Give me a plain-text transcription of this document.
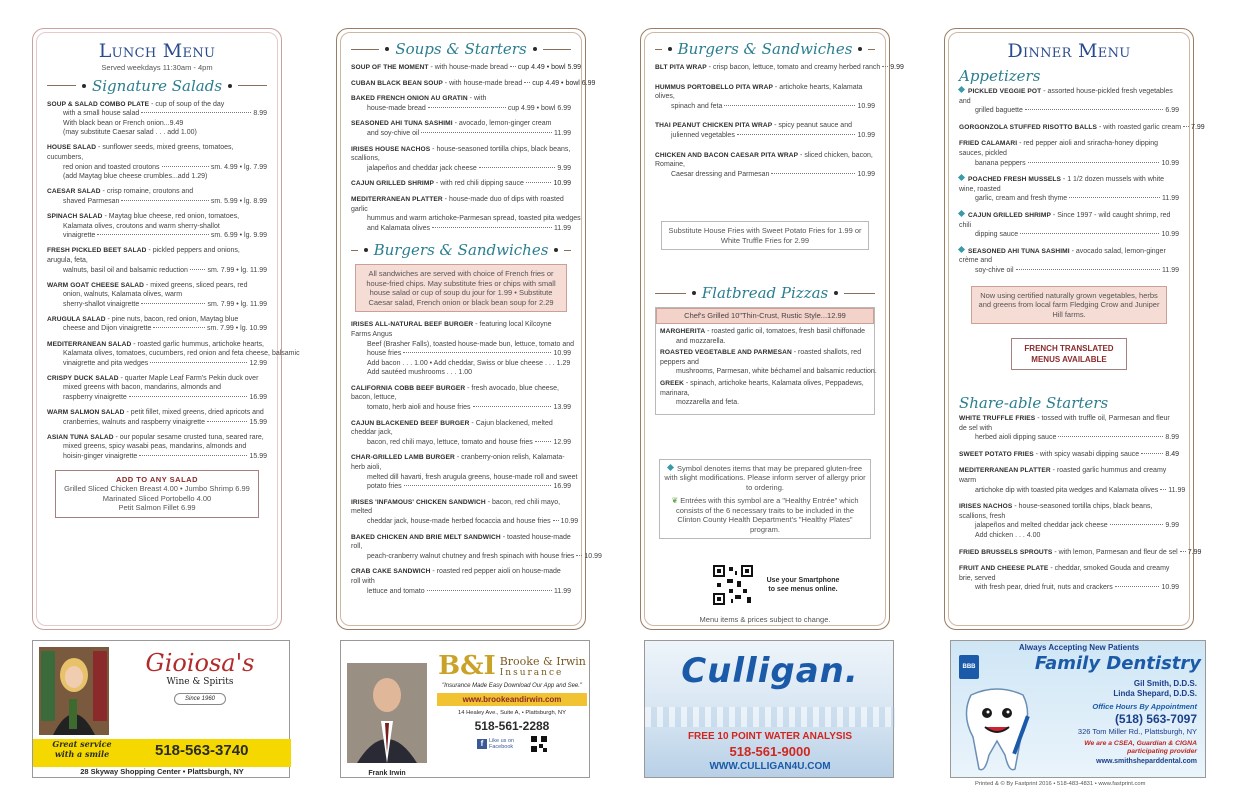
Lunch Menu
Served weekdays 11:30am - 4pm
Signature Salads
SOUP & SALAD COMBO PLATE - cup of soup of the day
with a small house salad	8.99
With black bean or French onion...9.49
(may substitute Caesar salad . . . add 1.00)
HOUSE SALAD - sunflower seeds, mixed greens, tomatoes, cucumbers,
red onion and toasted croutons	sm. 4.99 • lg. 7.99
(add Maytag blue cheese crumbles...add 1.29)
CAESAR SALAD - crisp romaine, croutons and
shaved Parmesan	sm. 5.99 • lg. 8.99
SPINACH SALAD - Maytag blue cheese, red onion, tomatoes,
Kalamata olives, croutons and warm sherry-shallot
vinaigrette	sm. 6.99 • lg. 9.99
FRESH PICKLED BEET SALAD - pickled peppers and onions, arugula, feta,
walnuts, basil oil and balsamic reduction	sm. 7.99 • lg. 11.99
WARM GOAT CHEESE SALAD - mixed greens, sliced pears, red
onion, walnuts, Kalamata olives, warm
sherry-shallot vinaigrette	sm. 7.99 • lg. 11.99
ARUGULA SALAD - pine nuts, bacon, red onion, Maytag blue
cheese and Dijon vinaigrette	sm. 7.99 • lg. 10.99
MEDITERRANEAN SALAD - roasted garlic hummus, artichoke hearts,
Kalamata olives, tomatoes, cucumbers, red onion and feta cheese, balsamic
vinaigrette and pita wedges	12.99
CRISPY DUCK SALAD - quarter Maple Leaf Farm's Pekin duck over
mixed greens with bacon, mandarins, almonds and
raspberry vinaigrette	16.99
WARM SALMON SALAD - petit fillet, mixed greens, dried apricots and
cranberries, walnuts and raspberry vinaigrette	15.99
ASIAN TUNA SALAD - our popular sesame crusted tuna, seared rare,
mixed greens, spicy wasabi peas, mandarins, almonds and
hoisin-ginger vinaigrette	15.99
ADD TO ANY SALAD
Grilled Sliced Chicken Breast 4.00 • Jumbo Shrimp 6.99
Marinated Sliced Portobello 4.00
Petit Salmon Fillet 6.99
Soups & Starters
SOUP OF THE MOMENT - with house-made bread cup 4.49 • bowl 5.99
CUBAN BLACK BEAN SOUP - with house-made bread cup 4.49 • bowl 6.99
BAKED FRENCH ONION AU GRATIN - with
house-made bread	cup 4.99 • bowl 6.99
SEASONED AHI TUNA SASHIMI - avocado, lemon-ginger cream
and soy-chive oil	11.99
IRISES HOUSE NACHOS - house-seasoned tortilla chips, black beans, scallions,
jalapeños and cheddar jack cheese	9.99
CAJUN GRILLED SHRIMP - with red chili dipping sauce	10.99
MEDITERRANEAN PLATTER - house-made duo of dips with roasted garlic
hummus and warm artichoke-Parmesan spread, toasted pita wedges
and Kalamata olives	11.99
Burgers & Sandwiches
All sandwiches are served with choice of French fries or house-fried chips. May substitute fries or chips with small house salad or cup of soup du jour for 1.99 • Substitute Caesar salad, French onion or black bean soup for 2.29
IRISES ALL-NATURAL BEEF BURGER - featuring local Kilcoyne Farms Angus
Beef (Brasher Falls), toasted house-made bun, lettuce, tomato and
house fries	10.99
Add bacon . . . 1.00 • Add cheddar, Swiss or blue cheese . . . 1.29
Add sautéed mushrooms . . . 1.00
CALIFORNIA COBB BEEF BURGER - fresh avocado, blue cheese, bacon, lettuce,
tomato, herb aioli and house fries	13.99
CAJUN BLACKENED BEEF BURGER - Cajun blackened, melted cheddar jack,
bacon, red chili mayo, lettuce, tomato and house fries	12.99
CHAR-GRILLED LAMB BURGER - cranberry-onion relish, Kalamata-herb aioli,
melted dill havarti, fresh arugula greens, house-made roll and sweet
potato fries	16.99
IRISES 'INFAMOUS' CHICKEN SANDWICH - bacon, red chili mayo, melted
cheddar jack, house-made herbed focaccia and house fries 10.99
BAKED CHICKEN AND BRIE MELT SANDWICH - toasted house-made roll,
peach-cranberry walnut chutney and fresh spinach with house fries 10.99
CRAB CAKE SANDWICH - roasted red pepper aioli on house-made roll with
lettuce and tomato	11.99
Burgers & Sandwiches
BLT PITA WRAP - crisp bacon, lettuce, tomato and creamy herbed ranch 9.99
HUMMUS PORTOBELLO PITA WRAP - artichoke hearts, Kalamata olives,
spinach and feta	10.99
THAI PEANUT CHICKEN PITA WRAP - spicy peanut sauce and
julienned vegetables	10.99
CHICKEN AND BACON CAESAR PITA WRAP - sliced chicken, bacon, Romaine,
Caesar dressing and Parmesan	10.99
Substitute House Fries with Sweet Potato Fries for 1.99 or White Truffle Fries for 2.99
Flatbread Pizzas
Chef's Grilled 10"Thin-Crust, Rustic Style...12.99
MARGHERITA - roasted garlic oil, tomatoes, fresh basil chiffonade
and mozzarella.
ROASTED VEGETABLE AND PARMESAN - roasted shallots, red peppers and
mushrooms, Parmesan, white béchamel and balsamic reduction.
GREEK - spinach, artichoke hearts, Kalamata olives, Peppadews, marinara,
mozzarella and feta.
Symbol denotes items that may be prepared gluten-free with slight modifications. Please inform server of allergy prior to ordering.
❦ Entrées with this symbol are a "Healthy Entrée" which consists of the 6 necessary traits to be included in the Clinton County Health Department's "Healthy Plates" program.
Use your Smartphone to see menus online.
Menu items & prices subject to change.
Dinner Menu
Appetizers
PICKLED VEGGIE POT - assorted house-pickled fresh vegetables and
grilled baguette	6.99
GORGONZOLA STUFFED RISOTTO BALLS - with roasted garlic cream 7.99
FRIED CALAMARI - red pepper aioli and sriracha-honey dipping sauces, pickled
banana peppers	10.99
POACHED FRESH MUSSELS - 1 1/2 dozen mussels with white wine, roasted
garlic, cream and fresh thyme	11.99
CAJUN GRILLED SHRIMP - Since 1997 - wild caught shrimp, red chili
dipping sauce	10.99
SEASONED AHI TUNA SASHIMI - avocado salad, lemon-ginger crème and
soy-chive oil	11.99
Now using certified naturally grown vegetables, herbs and greens from local farm Fledging Crow and Juniper Hill farms.
FRENCH TRANSLATED MENUS AVAILABLE
Share-able Starters
WHITE TRUFFLE FRIES - tossed with truffle oil, Parmesan and fleur de sel with
herbed aioli dipping sauce	8.99
SWEET POTATO FRIES - with spicy wasabi dipping sauce	8.49
MEDITERRANEAN PLATTER - roasted garlic hummus and creamy warm
artichoke dip with toasted pita wedges and Kalamata olives 11.99
IRISES NACHOS - house-seasoned tortilla chips, black beans, scallions, fresh
jalapeños and melted cheddar jack cheese	9.99
Add chicken . . . 4.00
FRIED BRUSSELS SPROUTS - with lemon, Parmesan and fleur de sel 7.99
FRUIT AND CHEESE PLATE - cheddar, smoked Gouda and creamy brie, served
with fresh pear, dried fruit, nuts and crackers	10.99
Gioiosa's
Wine & Spirits
Since 1960
Great service with a smile	518-563-3740
28 Skyway Shopping Center • Plattsburgh, NY	Frank Irwin
B&I Brooke & Irwin
Insurance
"Insurance Made Easy Download Our App and See."
www.brookeandirwin.com
14 Healey Ave., Suite A, • Plattsburgh, NY
518-561-2288
f	Like us on Facebook
Culligan.
FREE 10 POINT WATER ANALYSIS
518-561-9000
WWW.CULLIGAN4U.COM
Always Accepting New Patients
BBB	Family Dentistry
Gil Smith, D.D.S.
Linda Shepard, D.D.S.
Office Hours By Appointment
(518) 563-7097
326 Tom Miller Rd., Plattsburgh, NY
We are a CSEA, Guardian & CIGNA participating provider
www.smithsheparddental.com
Printed & © By Fastprint 2016 • 518-483-4831 • www.fastprint.com
